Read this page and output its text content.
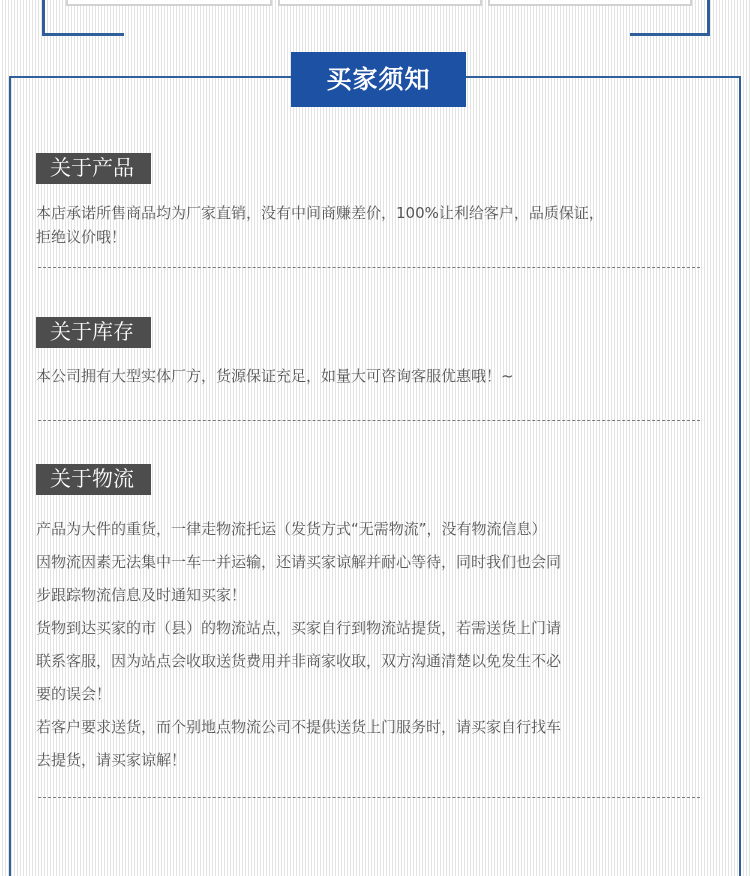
买家须知
关于产品

本店承诺所售商品均为厂家直销，没有中间商赚差价，100%让利给客户，品质保证，

拒绝议价哦！

关于库存

本公司拥有大型实体厂方，货源保证充足，如量大可咨询客服优惠哦！~

关于物流

产品为大件的重货，一律走物流托运（发货方式“无需物流”，没有物流信息）

因物流因素无法集中一车一并运输，还请买家谅解并耐心等待，同时我们也会同

步跟踪物流信息及时通知买家！

货物到达买家的市（县）的物流站点，买家自行到物流站提货，若需送货上门请

联系客服，因为站点会收取送货费用并非商家收取，双方沟通清楚以免发生不必

要的误会！

若客户要求送货，而个别地点物流公司不提供送货上门服务时，请买家自行找车

去提货，请买家谅解！
